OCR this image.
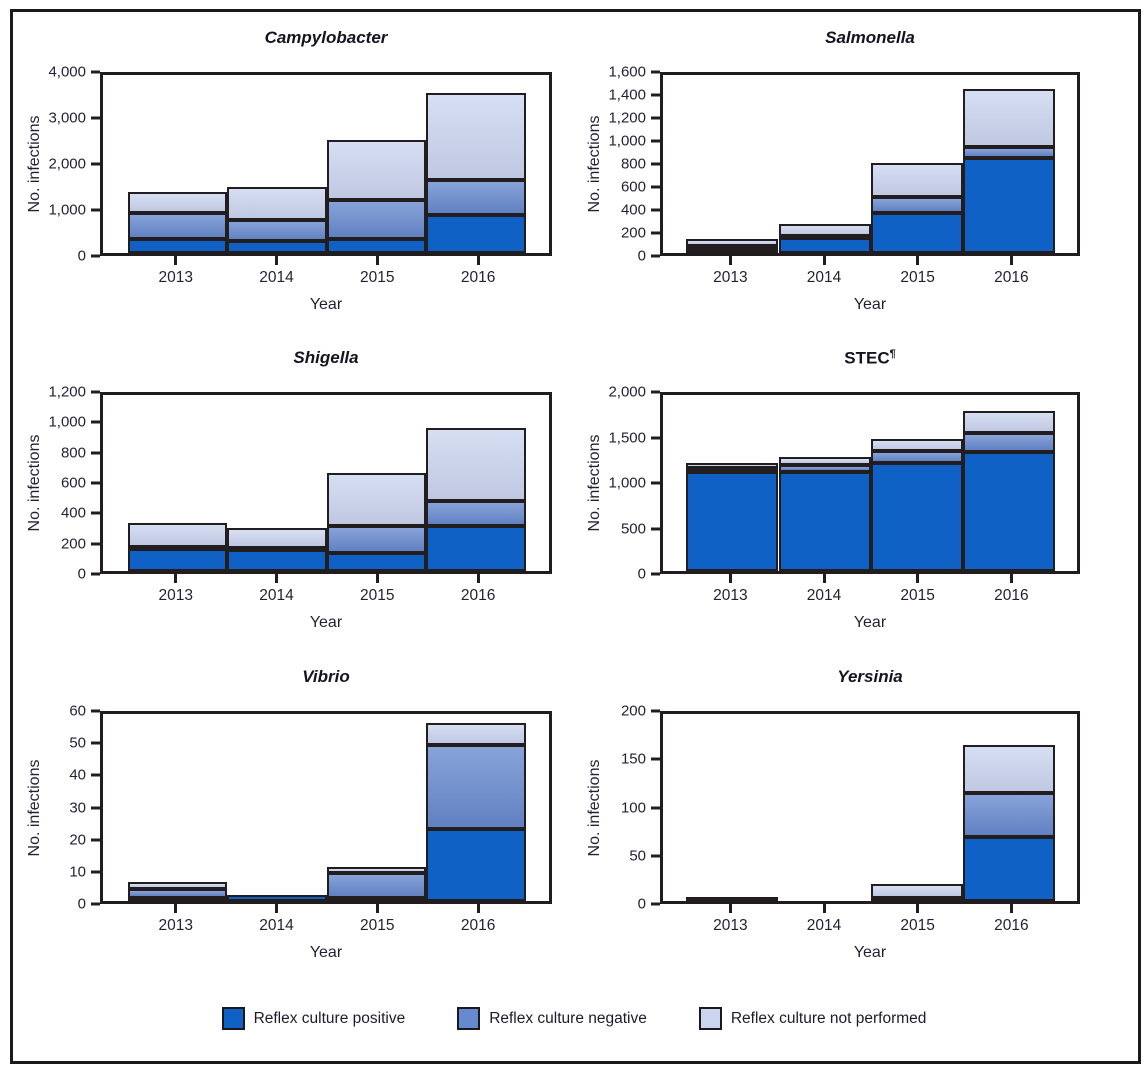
Campylobacter
No. infections
0
1,000
2,000
3,000
4,000
2013	2014	2015	2016
Year
Salmonella
No. infections
0
200
400
600
800
1,000
1,200
1,400
1,600
2013	2014	2015	2016
Year
Shigella
No. infections
0
200
400
600
800
1,000
1,200
2013	2014	2015	2016
Year
STEC¶
No. infections
0
500
1,000
1,500
2,000
2013	2014	2015	2016
Year
Vibrio
No. infections
0
10
20
30
40
50
60
2013	2014	2015	2016
Year
Yersinia
No. infections
0
50
100
150
200
2013	2014	2015	2016
Year
Reflex culture positive	Reflex culture negative	Reflex culture not performed
